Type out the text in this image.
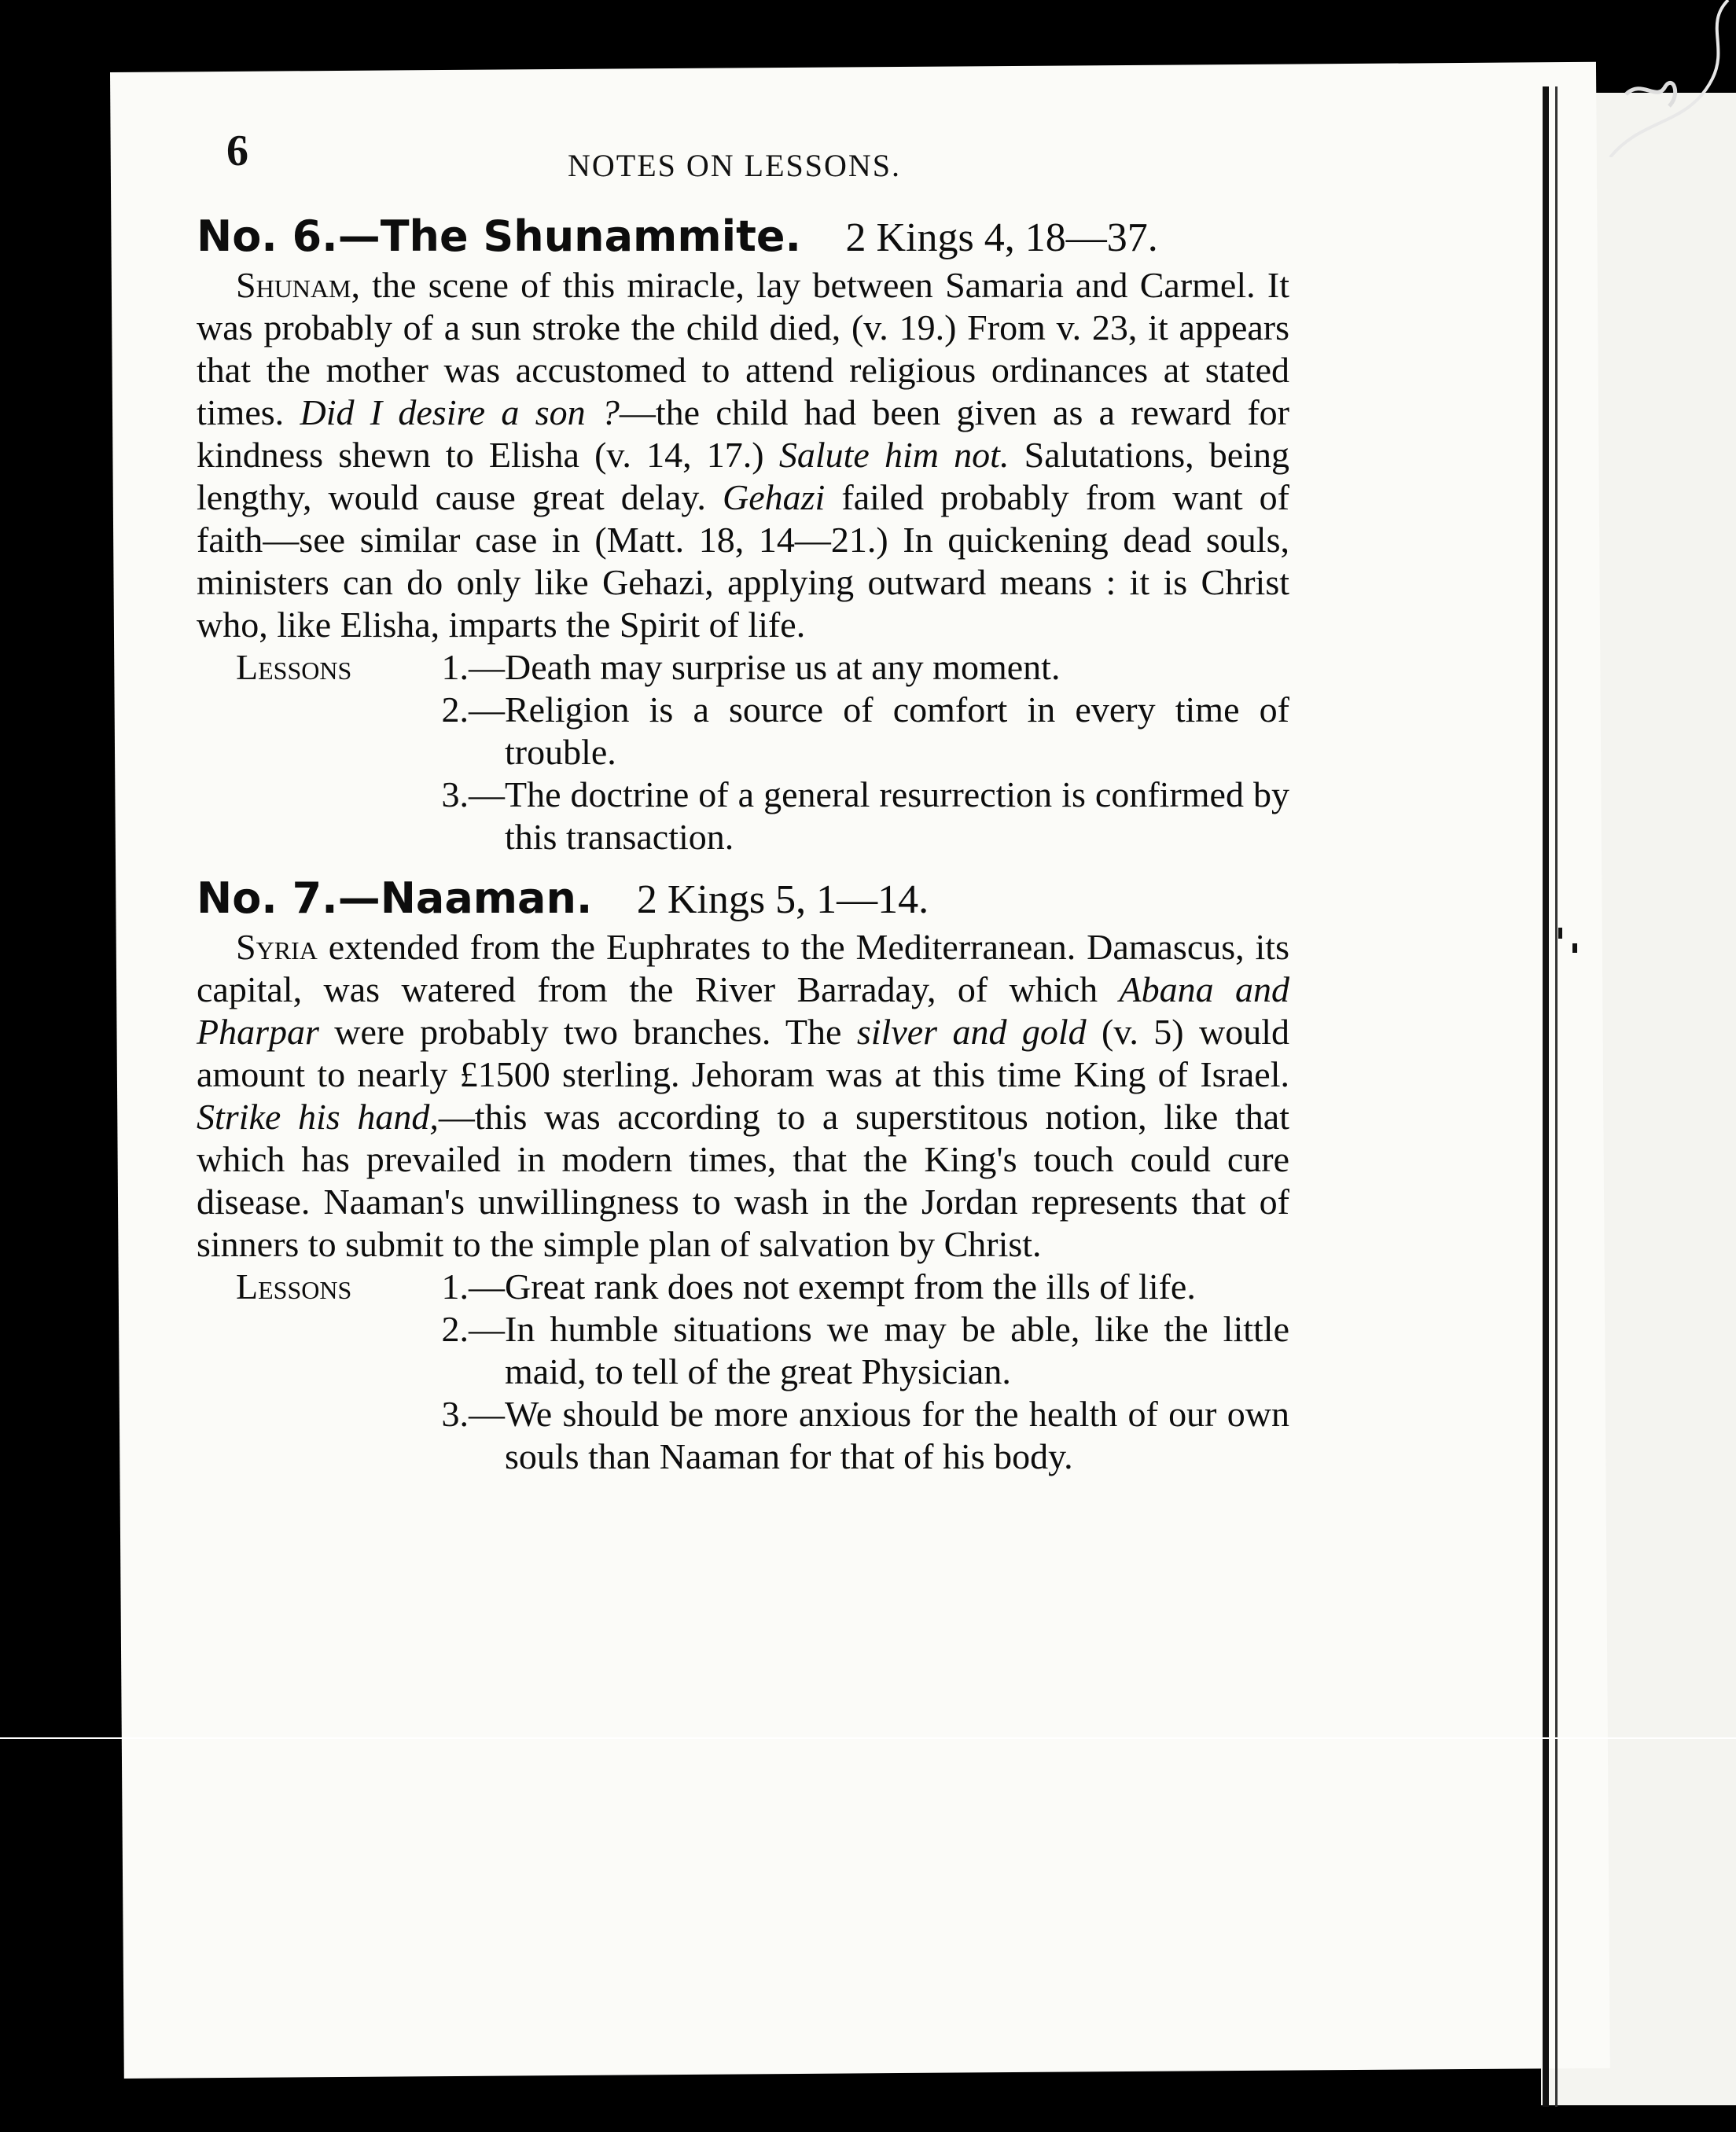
6	NOTES ON LESSONS.
No. 6.—The Shunammite. 2 Kings 4, 18—37.

Shunam, the scene of this miracle, lay between Samaria and Carmel. It was probably of a sun stroke the child died, (v. 19.) From v. 23, it appears that the mother was accustomed to attend religious ordinances at stated times. Did I desire a son ?—the child had been given as a reward for kindness shewn to Elisha (v. 14, 17.) Salute him not. Salutations, being lengthy, would cause great delay. Gehazi failed probably from want of faith—see similar case in (Matt. 18, 14—21.) In quickening dead souls, ministers can do only like Gehazi, applying outward means : it is Christ who, like Elisha, imparts the Spirit of life.

Lessons	1.— Death may surprise us at any moment.
2.— Religion is a source of comfort in every time of trouble.
3.— The doctrine of a general resurrection is confirmed by this transaction.
No. 7.—Naaman. 2 Kings 5, 1—14.

Syria extended from the Euphrates to the Mediterranean. Damascus, its capital, was watered from the River Barraday, of which Abana and Pharpar were probably two branches. The silver and gold (v. 5) would amount to nearly £1500 sterling. Jehoram was at this time King of Israel. Strike his hand,—this was according to a superstitous notion, like that which has prevailed in modern times, that the King's touch could cure disease. Naaman's unwillingness to wash in the Jordan represents that of sinners to submit to the simple plan of salvation by Christ.

Lessons	1.— Great rank does not exempt from the ills of life.
2.— In humble situations we may be able, like the little maid, to tell of the great Physician.
3.— We should be more anxious for the health of our own souls than Naaman for that of his body.
